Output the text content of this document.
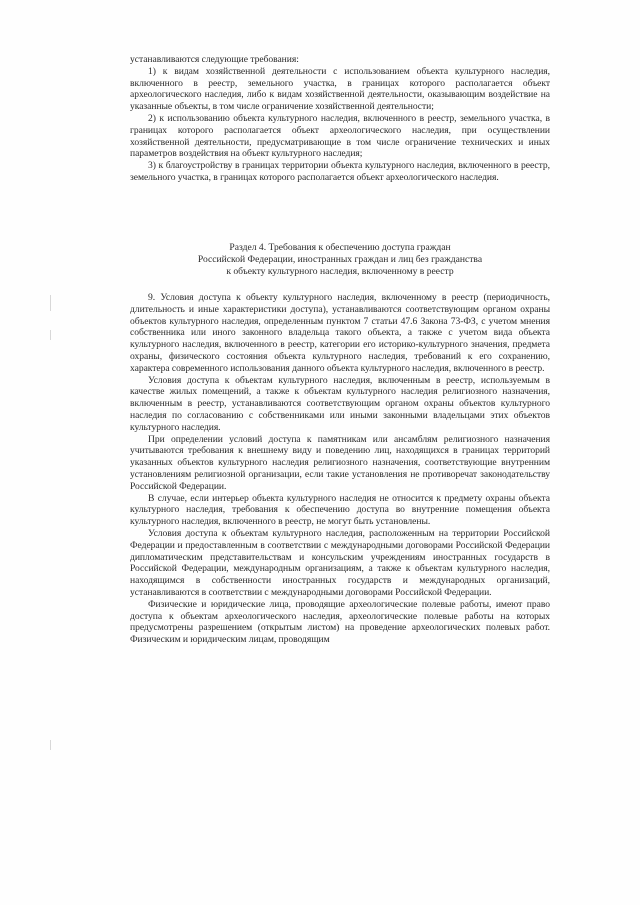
устанавливаются следующие требования:

1) к видам хозяйственной деятельности с использованием объекта культурного наследия, включенного в реестр, земельного участка, в границах которого располагается объект археологического наследия, либо к видам хозяйственной деятельности, оказывающим воздействие на указанные объекты, в том числе ограничение хозяйственной деятельности;

2) к использованию объекта культурного наследия, включенного в реестр, земельного участка, в границах которого располагается объект археологического наследия, при осуществлении хозяйственной деятельности, предусматривающие в том числе ограничение технических и иных параметров воздействия на объект культурного наследия;

3) к благоустройству в границах территории объекта культурного наследия, включенного в реестр, земельного участка, в границах которого располагается объект археологического наследия.

Раздел 4. Требования к обеспечению доступа граждан
Российской Федерации, иностранных граждан и лиц без гражданства
к объекту культурного наследия, включенному в реестр

9. Условия доступа к объекту культурного наследия, включенному в реестр (периодичность, длительность и иные характеристики доступа), устанавливаются соответствующим органом охраны объектов культурного наследия, определенным пунктом 7 статьи 47.6 Закона 73-ФЗ, с учетом мнения собственника или иного законного владельца такого объекта, а также с учетом вида объекта культурного наследия, включенного в реестр, категории его историко-культурного значения, предмета охраны, физического состояния объекта культурного наследия, требований к его сохранению, характера современного использования данного объекта культурного наследия, включенного в реестр.

Условия доступа к объектам культурного наследия, включенным в реестр, используемым в качестве жилых помещений, а также к объектам культурного наследия религиозного назначения, включенным в реестр, устанавливаются соответствующим органом охраны объектов культурного наследия по согласованию с собственниками или иными законными владельцами этих объектов культурного наследия.

При определении условий доступа к памятникам или ансамблям религиозного назначения учитываются требования к внешнему виду и поведению лиц, находящихся в границах территорий указанных объектов культурного наследия религиозного назначения, соответствующие внутренним установлениям религиозной организации, если такие установления не противоречат законодательству Российской Федерации.

В случае, если интерьер объекта культурного наследия не относится к предмету охраны объекта культурного наследия, требования к обеспечению доступа во внутренние помещения объекта культурного наследия, включенного в реестр, не могут быть установлены.

Условия доступа к объектам культурного наследия, расположенным на территории Российской Федерации и предоставленным в соответствии с международными договорами Российской Федерации дипломатическим представительствам и консульским учреждениям иностранных государств в Российской Федерации, международным организациям, а также к объектам культурного наследия, находящимся в собственности иностранных государств и международных организаций, устанавливаются в соответствии с международными договорами Российской Федерации.

Физические и юридические лица, проводящие археологические полевые работы, имеют право доступа к объектам археологического наследия, археологические полевые работы на которых предусмотрены разрешением (открытым листом) на проведение археологических полевых работ. Физическим и юридическим лицам, проводящим
